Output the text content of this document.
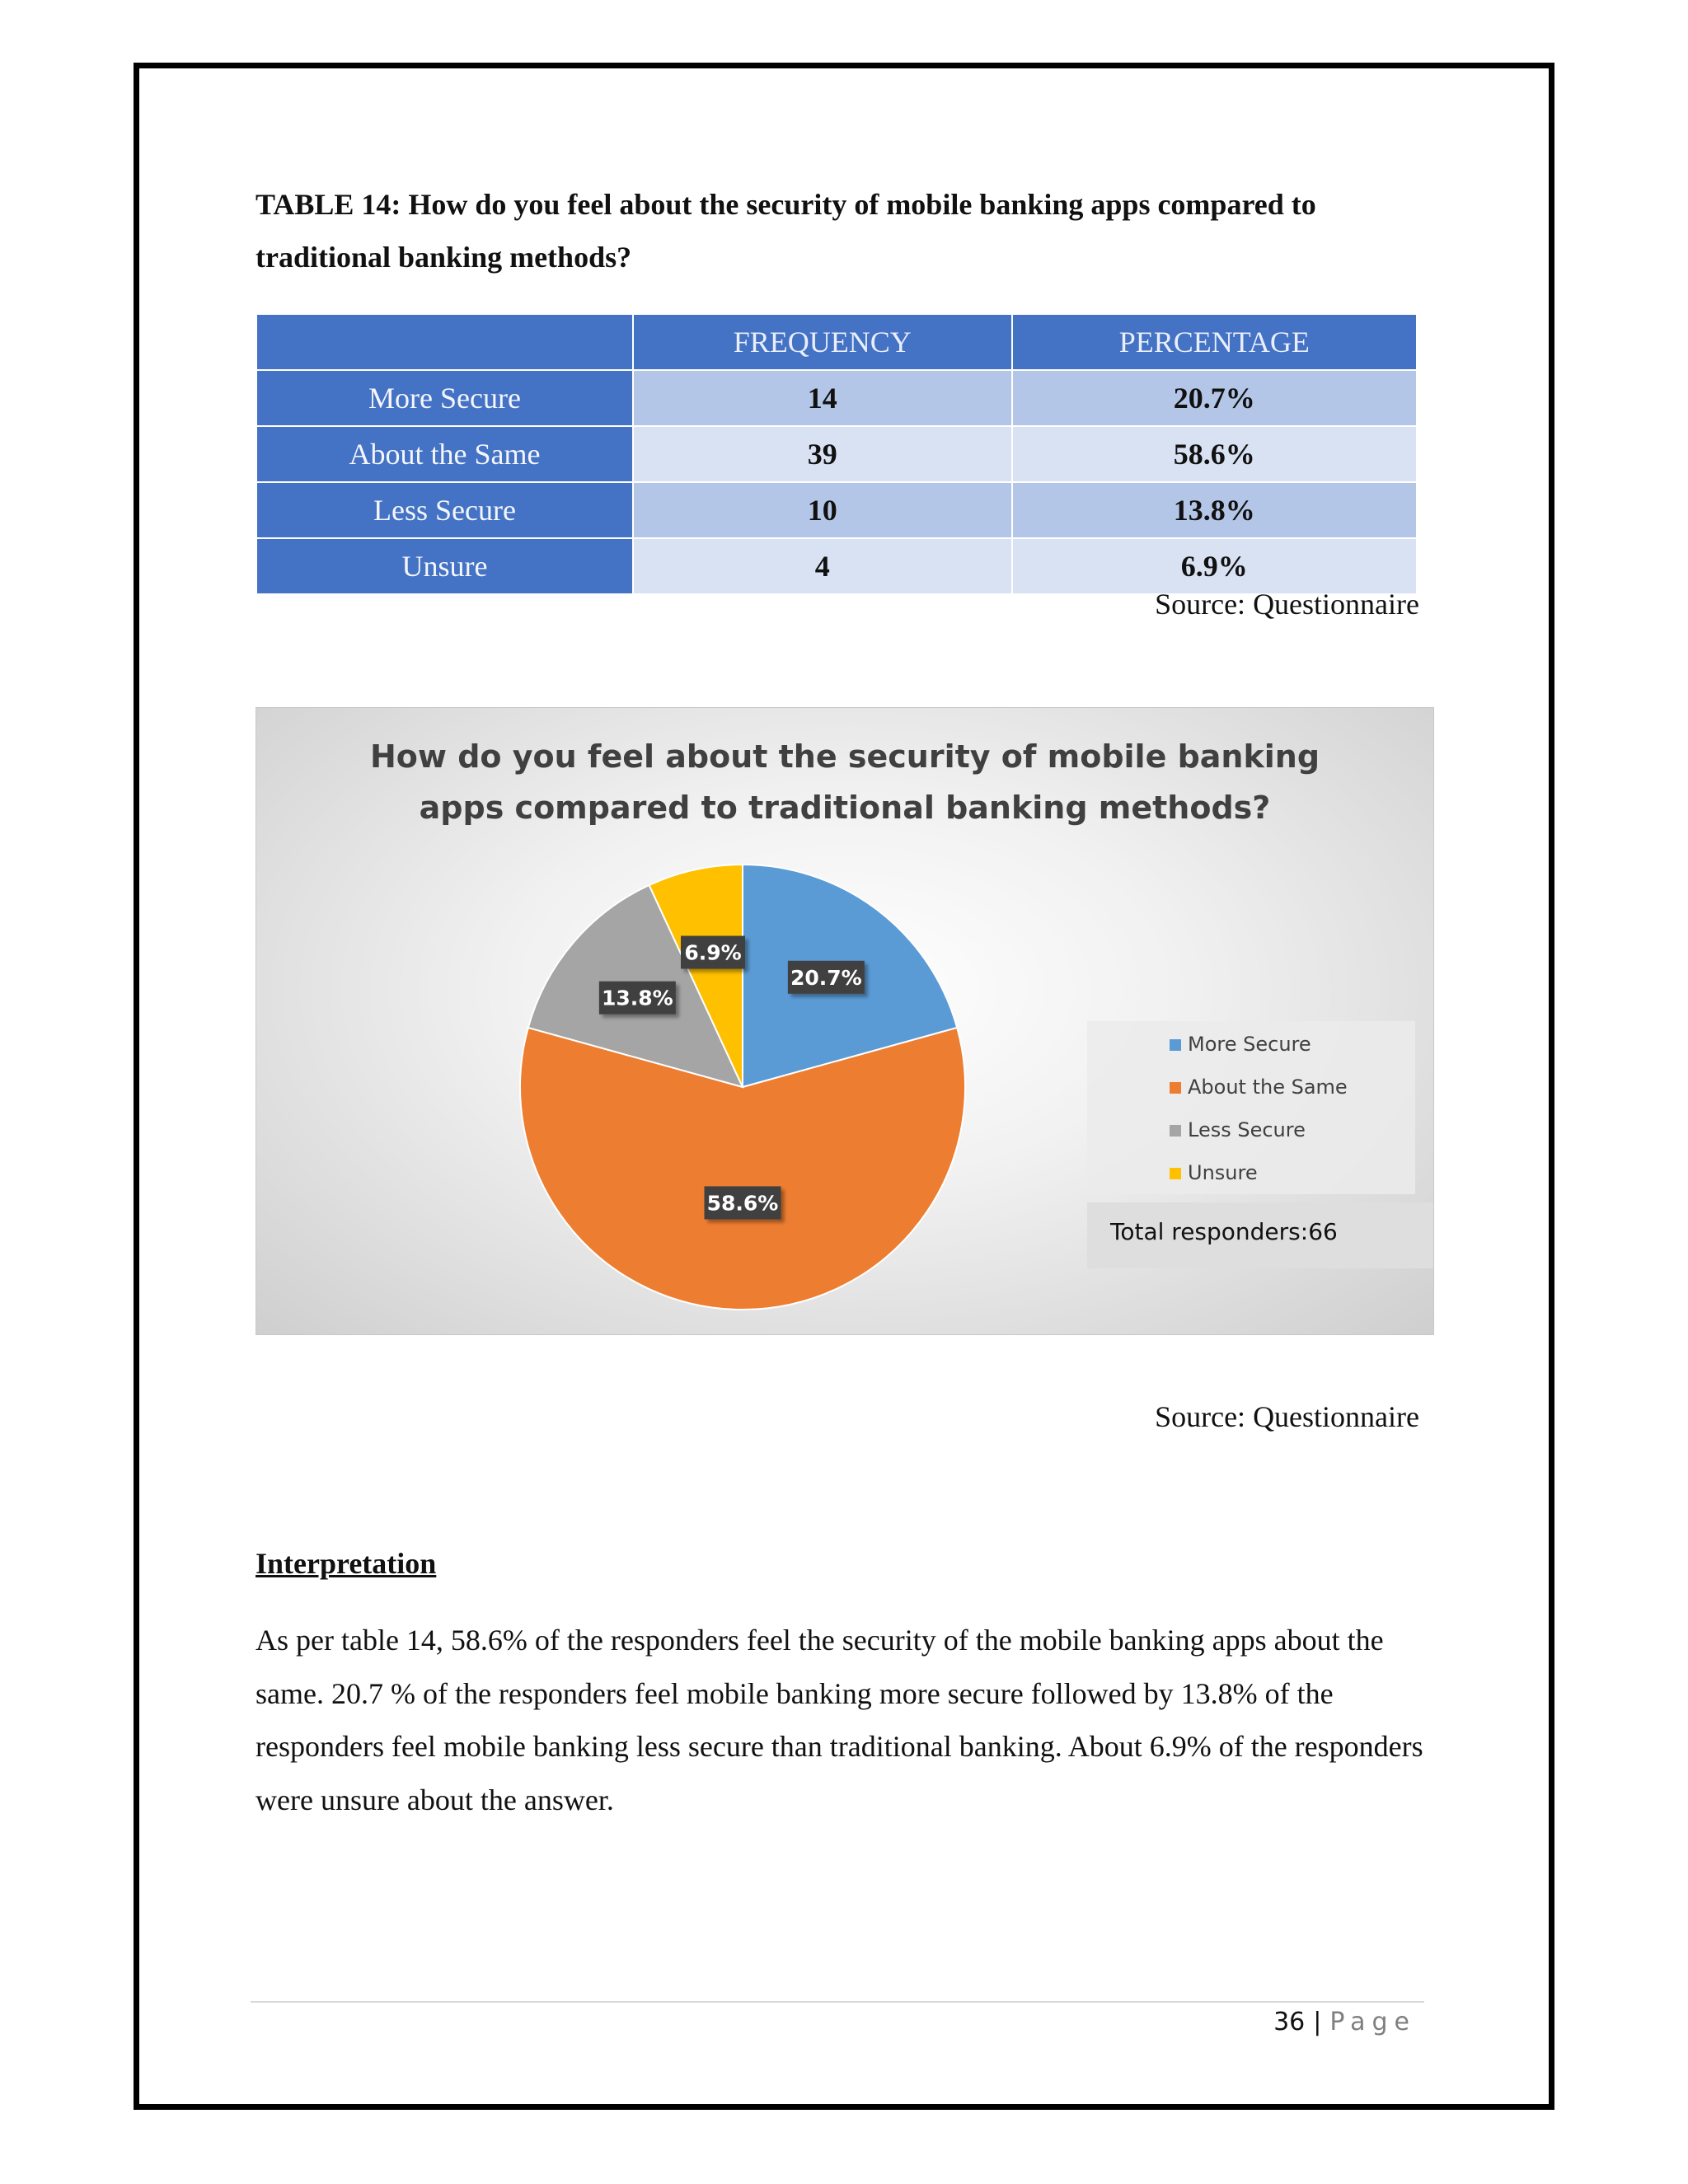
TABLE 14: How do you feel about the security of mobile banking apps compared to traditional banking methods?

	FREQUENCY	PERCENTAGE
More Secure	14	20.7%
About the Same	39	58.6%
Less Secure	10	13.8%
Unsure	4	6.9%
Source: Questionnaire
How do you feel about the security of mobile banking
apps compared to traditional banking methods?
20.7%
58.6%
13.8%
6.9%
More Secure
About the Same
Less Secure
Unsure
Total responders:66
Source: Questionnaire

Interpretation

As per table 14, 58.6% of the responders feel the security of the mobile banking apps about the same. 20.7 % of the responders feel mobile banking more secure followed by 13.8% of the responders feel mobile banking less secure than traditional banking. About 6.9% of the responders were unsure about the answer.

36 | Page
